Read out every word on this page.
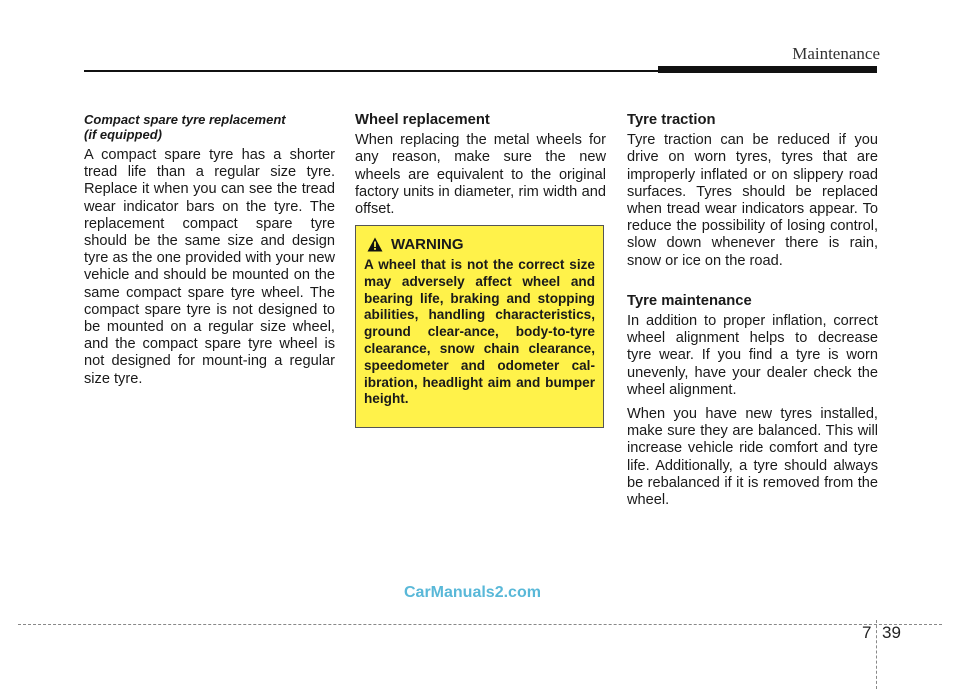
Maintenance
Compact spare tyre replacement
(if equipped)

A compact spare tyre has a shorter tread life than a regular size tyre. Replace it when you can see the tread wear indicator bars on the tyre. The replacement compact spare tyre should be the same size and design tyre as the one provided with your new vehicle and should be mounted on the same compact spare tyre wheel. The compact spare tyre is not designed to be mounted on a regular size wheel, and the compact spare tyre wheel is not designed for mount-ing a regular size tyre.

Wheel replacement

When replacing the metal wheels for any reason, make sure the new wheels are equivalent to the original factory units in diameter, rim width and offset.

WARNING

A wheel that is not the correct size may adversely affect wheel and bearing life, braking and stopping abilities, handling characteristics, ground clear-ance, body-to-tyre clearance, snow chain clearance, speedometer and odometer cal-ibration, headlight aim and bumper height.

Tyre traction

Tyre traction can be reduced if you drive on worn tyres, tyres that are improperly inflated or on slippery road surfaces. Tyres should be replaced when tread wear indicators appear. To reduce the possibility of losing control, slow down whenever there is rain, snow or ice on the road.

Tyre maintenance

In addition to proper inflation, correct wheel alignment helps to decrease tyre wear. If you find a tyre is worn unevenly, have your dealer check the wheel alignment.

When you have new tyres installed, make sure they are balanced. This will increase vehicle ride comfort and tyre life. Additionally, a tyre should always be rebalanced if it is removed from the wheel.

CarManuals2.com
7 39
